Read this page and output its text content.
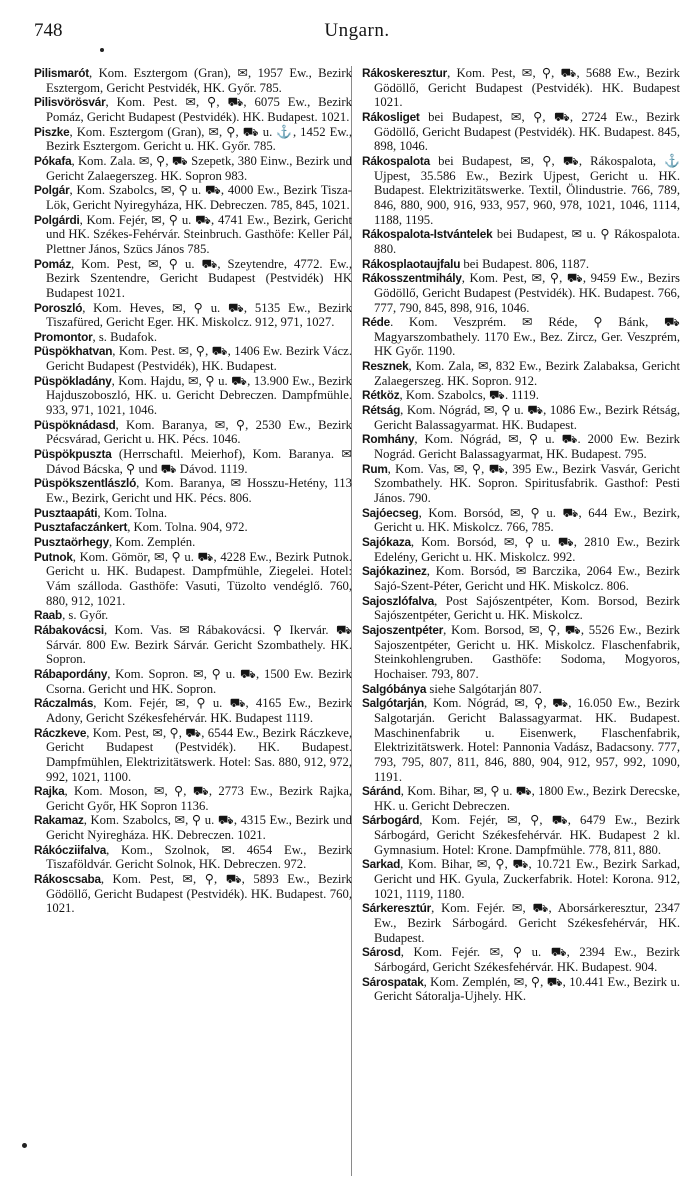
748	Ungarn.

Pilismarót, Kom. Esztergom (Gran), ✉, 1957 Ew., Bezirk Esztergom, Gericht Pestvidék, HK. Győr. 785.

Pilisvörösvár, Kom. Pest. ✉, ⚲, ⛟, 6075 Ew., Bezirk Pomáz, Gericht Budapest (Pestvidék). HK. Budapest. 1021.

Piszke, Kom. Esztergom (Gran), ✉, ⚲, ⛟ u. ⚓, 1452 Ew., Bezirk Esztergom. Gericht u. HK. Győr. 785.

Pókafa, Kom. Zala. ✉, ⚲, ⛟ Szepetk, 380 Einw., Bezirk und Gericht Zalaegerszeg. HK. Sopron 983.

Polgár, Kom. Szabolcs, ✉, ⚲ u. ⛟, 4000 Ew., Bezirk Tisza-Lök, Gericht Nyiregyháza, HK. Debreczen. 785, 845, 1021.

Polgárdi, Kom. Fejér, ✉, ⚲ u. ⛟, 4741 Ew., Bezirk, Gericht und HK. Székes-Fehérvár. Steinbruch. Gasthöfe: Keller Pál, Plettner János, Szücs János 785.

Pomáz, Kom. Pest, ✉, ⚲ u. ⛟, Szeytendre, 4772. Ew., Bezirk Szentendre, Gericht Budapest (Pestvidék) HK Budapest 1021.

Poroszló, Kom. Heves, ✉, ⚲ u. ⛟, 5135 Ew., Bezirk Tiszafüred, Gericht Eger. HK. Miskolcz. 912, 971, 1027.

Promontor, s. Budafok.

Püspökhatvan, Kom. Pest. ✉, ⚲, ⛟, 1406 Ew. Bezirk Vácz. Gericht Budapest (Pestvidék), HK. Budapest.

Püspökladány, Kom. Hajdu, ✉, ⚲ u. ⛟, 13.900 Ew., Bezirk Hajduszoboszló, HK. u. Gericht Debreczen. Dampfmühle. 933, 971, 1021, 1046.

Püspöknádasd, Kom. Baranya, ✉, ⚲, 2530 Ew., Bezirk Pécsvárad, Gericht u. HK. Pécs. 1046.

Püspökpuszta (Herrschaftl. Meierhof), Kom. Baranya. ✉ Dávod Bácska, ⚲ und ⛟ Dávod. 1119.

Püspökszentlászló, Kom. Baranya, ✉ Hosszu-Hetény, 113 Ew., Bezirk, Gericht und HK. Pécs. 806.

Pusztaapáti, Kom. Tolna.

Pusztafaczánkert, Kom. Tolna. 904, 972.

Pusztaörhegy, Kom. Zemplén.

Putnok, Kom. Gömör, ✉, ⚲ u. ⛟, 4228 Ew., Bezirk Putnok. Gericht u. HK. Budapest. Dampfmühle, Ziegelei. Hotel: Vám szálloda. Gasthöfe: Vasuti, Tüzolto vendéglő. 760, 880, 912, 1021.

Raab, s. Győr.

Rábakovácsi, Kom. Vas. ✉ Rábakovácsi. ⚲ Ikervár. ⛟ Sárvár. 800 Ew. Bezirk Sárvár. Gericht Szombathely. HK. Sopron.

Rábapordány, Kom. Sopron. ✉, ⚲ u. ⛟, 1500 Ew. Bezirk Csorna. Gericht und HK. Sopron.

Ráczalmás, Kom. Fejér, ✉, ⚲ u. ⛟, 4165 Ew., Bezirk Adony, Gericht Székesfehérvár. HK. Budapest 1119.

Ráczkeve, Kom. Pest, ✉, ⚲, ⛟, 6544 Ew., Bezirk Ráczkeve, Gericht Budapest (Pestvidék). HK. Budapest. Dampfmühlen, Elektrizitätswerk. Hotel: Sas. 880, 912, 972, 992, 1021, 1100.

Rajka, Kom. Moson, ✉, ⚲, ⛟, 2773 Ew., Bezirk Rajka, Gericht Győr, HK Sopron 1136.

Rakamaz, Kom. Szabolcs, ✉, ⚲ u. ⛟, 4315 Ew., Bezirk und Gericht Nyiregháza. HK. Debreczen. 1021.

Rákócziifalva, Kom., Szolnok, ✉. 4654 Ew., Bezirk Tiszaföldvár. Gericht Solnok, HK. Debreczen. 972.

Rákoscsaba, Kom. Pest, ✉, ⚲, ⛟, 5893 Ew., Bezirk Gödöllő, Gericht Budapest (Pestvidék). HK. Budapest. 760, 1021.

Rákoskeresztur, Kom. Pest, ✉, ⚲, ⛟, 5688 Ew., Bezirk Gödöllő, Gericht Budapest (Pestvidék). HK. Budapest 1021.

Rákosliget bei Budapest, ✉, ⚲, ⛟, 2724 Ew., Bezirk Gödöllő, Gericht Budapest (Pestvidék). HK. Budapest. 845, 898, 1046.

Rákospalota bei Budapest, ✉, ⚲, ⛟, Rákospalota, ⚓ Ujpest, 35.586 Ew., Bezirk Ujpest, Gericht u. HK. Budapest. Elektrizitätswerke. Textil, Ölindustrie. 766, 789, 846, 880, 900, 916, 933, 957, 960, 978, 1021, 1046, 1114, 1188, 1195.

Rákospalota-Istvántelek bei Budapest, ✉ u. ⚲ Rákospalota. 880.

Rákosplaotaujfalu bei Budapest. 806, 1187.

Rákosszentmihály, Kom. Pest, ✉, ⚲, ⛟, 9459 Ew., Bezirs Gödöllő, Gericht Budapest (Pestvidék). HK. Budapest. 766, 777, 790, 845, 898, 916, 1046.

Réde. Kom. Veszprém. ✉ Réde, ⚲ Bánk, ⛟ Magyarszombathely. 1170 Ew., Bez. Zircz, Ger. Veszprém, HK Győr. 1190.

Resznek, Kom. Zala, ✉, 832 Ew., Bezirk Zalabaksa, Gericht Zalaegerszeg. HK. Sopron. 912.

Rétköz, Kom. Szabolcs, ⛟. 1119.

Rétság, Kom. Nógrád, ✉, ⚲ u. ⛟, 1086 Ew., Bezirk Rétság, Gericht Balassagyarmat. HK. Budapest.

Romhány, Kom. Nógrád, ✉, ⚲ u. ⛟. 2000 Ew. Bezirk Nográd. Gericht Balassagyarmat, HK. Budapest. 795.

Rum, Kom. Vas, ✉, ⚲, ⛟, 395 Ew., Bezirk Vasvár, Gericht Szombathely. HK. Sopron. Spiritusfabrik. Gasthof: Pesti János. 790.

Sajóecseg, Kom. Borsód, ✉, ⚲ u. ⛟, 644 Ew., Bezirk, Gericht u. HK. Miskolcz. 766, 785.

Sajókaza, Kom. Borsód, ✉, ⚲ u. ⛟, 2810 Ew., Bezirk Edelény, Gericht u. HK. Miskolcz. 992.

Sajókazinez, Kom. Borsód, ✉ Barczika, 2064 Ew., Bezirk Sajó-Szent-Péter, Gericht und HK. Miskolcz. 806.

Sajoszlófalva, Post Sajószentpéter, Kom. Borsod, Bezirk Sajószentpéter, Gericht u. HK. Miskolcz.

Sajoszentpéter, Kom. Borsod, ✉, ⚲, ⛟, 5526 Ew., Bezirk Sajoszentpéter, Gericht u. HK. Miskolcz. Flaschenfabrik, Steinkohlengruben. Gasthöfe: Sodoma, Mogyoros, Hochaiser. 793, 807.

Salgóbánya siehe Salgótarján 807.

Salgótarján, Kom. Nógrád, ✉, ⚲, ⛟, 16.050 Ew., Bezirk Salgotarján. Gericht Balassagyarmat. HK. Budapest. Maschinenfabrik u. Eisenwerk, Flaschenfabrik, Elektrizitätswerk. Hotel: Pannonia Vadász, Badacsony. 777, 793, 795, 807, 811, 846, 880, 904, 912, 957, 992, 1090, 1191.

Sáránd, Kom. Bihar, ✉, ⚲ u. ⛟, 1800 Ew., Bezirk Derecske, HK. u. Gericht Debreczen.

Sárbogárd, Kom. Fejér, ✉, ⚲, ⛟, 6479 Ew., Bezirk Sárbogárd, Gericht Székesfehérvár. HK. Budapest 2 kl. Gymnasium. Hotel: Krone. Dampfmühle. 778, 811, 880.

Sarkad, Kom. Bihar, ✉, ⚲, ⛟, 10.721 Ew., Bezirk Sarkad, Gericht und HK. Gyula, Zuckerfabrik. Hotel: Korona. 912, 1021, 1119, 1180.

Sárkeresztúr, Kom. Fejér. ✉, ⛟, Aborsárkeresztur, 2347 Ew., Bezirk Sárbogárd. Gericht Székesfehérvár, HK. Budapest.

Sárosd, Kom. Fejér. ✉, ⚲ u. ⛟, 2394 Ew., Bezirk Sárbogárd, Gericht Székesfehérvár. HK. Budapest. 904.

Sárospatak, Kom. Zemplén, ✉, ⚲, ⛟, 10.441 Ew., Bezirk u. Gericht Sátoralja-Ujhely. HK.
